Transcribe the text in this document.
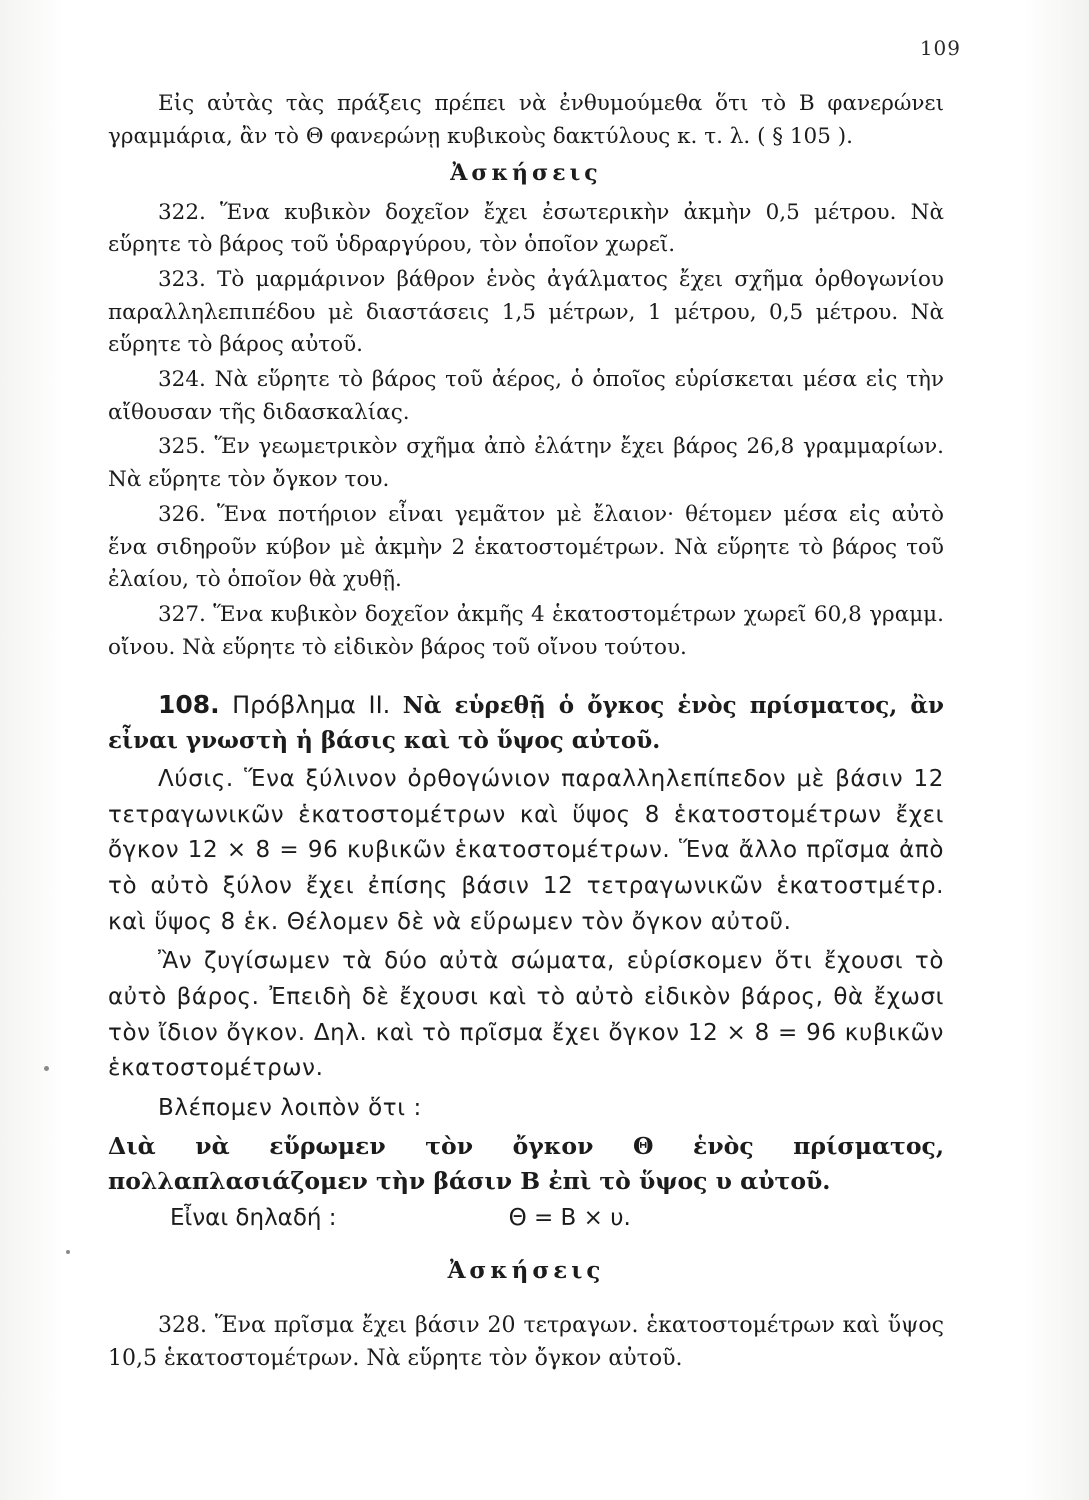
109

Εἰς αὐτὰς τὰς πράξεις πρέπει νὰ ἐνθυμούμεθα ὅτι τὸ Β φανερώνει γραμμάρια, ἂν τὸ Θ φανερώνῃ κυβικοὺς δακτύλους κ. τ. λ. ( § 105 ).

Ἀσκήσεις

322. Ἕνα κυβικὸν δοχεῖον ἔχει ἐσωτερικὴν ἀκμὴν 0,5 μέτρου. Νὰ εὕρητε τὸ βάρος τοῦ ὑδραργύρου, τὸν ὁποῖον χωρεῖ.

323. Τὸ μαρμάρινον βάθρον ἑνὸς ἀγάλματος ἔχει σχῆμα ὀρθογωνίου παραλληλεπιπέδου μὲ διαστάσεις 1,5 μέτρων, 1 μέτρου, 0,5 μέτρου. Νὰ εὕρητε τὸ βάρος αὐτοῦ.

324. Νὰ εὕρητε τὸ βάρος τοῦ ἀέρος, ὁ ὁποῖος εὑρίσκεται μέσα εἰς τὴν αἴθουσαν τῆς διδασκαλίας.

325. Ἕν γεωμετρικὸν σχῆμα ἀπὸ ἐλάτην ἔχει βάρος 26,8 γραμμαρίων. Νὰ εὕρητε τὸν ὄγκον του.

326. Ἕνα ποτήριον εἶναι γεμᾶτον μὲ ἔλαιον· θέτομεν μέσα εἰς αὐτὸ ἕνα σιδηροῦν κύβον μὲ ἀκμὴν 2 ἑκατοστομέτρων. Νὰ εὕρητε τὸ βάρος τοῦ ἐλαίου, τὸ ὁποῖον θὰ χυθῇ.

327. Ἕνα κυβικὸν δοχεῖον ἀκμῆς 4 ἑκατοστομέτρων χωρεῖ 60,8 γραμμ. οἴνου. Νὰ εὕρητε τὸ εἰδικὸν βάρος τοῦ οἴνου τούτου.

108. Πρόβλημα ΙΙ. Νὰ εὑρεθῇ ὁ ὄγκος ἑνὸς πρίσματος, ἂν εἶναι γνωστὴ ἡ βάσις καὶ τὸ ὕψος αὐτοῦ.

Λύσις. Ἕνα ξύλινον ὀρθογώνιον παραλληλεπίπεδον μὲ βάσιν 12 τετραγωνικῶν ἑκατοστομέτρων καὶ ὕψος 8 ἑκατοστομέτρων ἔχει ὄγκον 12 × 8 = 96 κυβικῶν ἑκατοστομέτρων. Ἕνα ἄλλο πρῖσμα ἀπὸ τὸ αὐτὸ ξύλον ἔχει ἐπίσης βάσιν 12 τετραγωνικῶν ἑκατοστμέτρ. καὶ ὕψος 8 ἑκ. Θέλομεν δὲ νὰ εὕρωμεν τὸν ὄγκον αὐτοῦ.

Ἂν ζυγίσωμεν τὰ δύο αὐτὰ σώματα, εὑρίσκομεν ὅτι ἔχουσι τὸ αὐτὸ βάρος. Ἐπειδὴ δὲ ἔχουσι καὶ τὸ αὐτὸ εἰδικὸν βάρος, θὰ ἔχωσι τὸν ἴδιον ὄγκον. Δηλ. καὶ τὸ πρῖσμα ἔχει ὄγκον 12 × 8 = 96 κυβικῶν ἑκατοστομέτρων.

Βλέπομεν λοιπὸν ὅτι :

Διὰ νὰ εὕρωμεν τὸν ὄγκον Θ ἑνὸς πρίσματος, πολλαπλασιάζομεν τὴν βάσιν Β ἐπὶ τὸ ὕψος υ αὐτοῦ.

Εἶναι δηλαδή :	Θ = Β × υ.
Ἀσκήσεις

328. Ἕνα πρῖσμα ἔχει βάσιν 20 τετραγων. ἑκατοστομέτρων καὶ ὕψος 10,5 ἑκατοστομέτρων. Νὰ εὕρητε τὸν ὄγκον αὐτοῦ.
